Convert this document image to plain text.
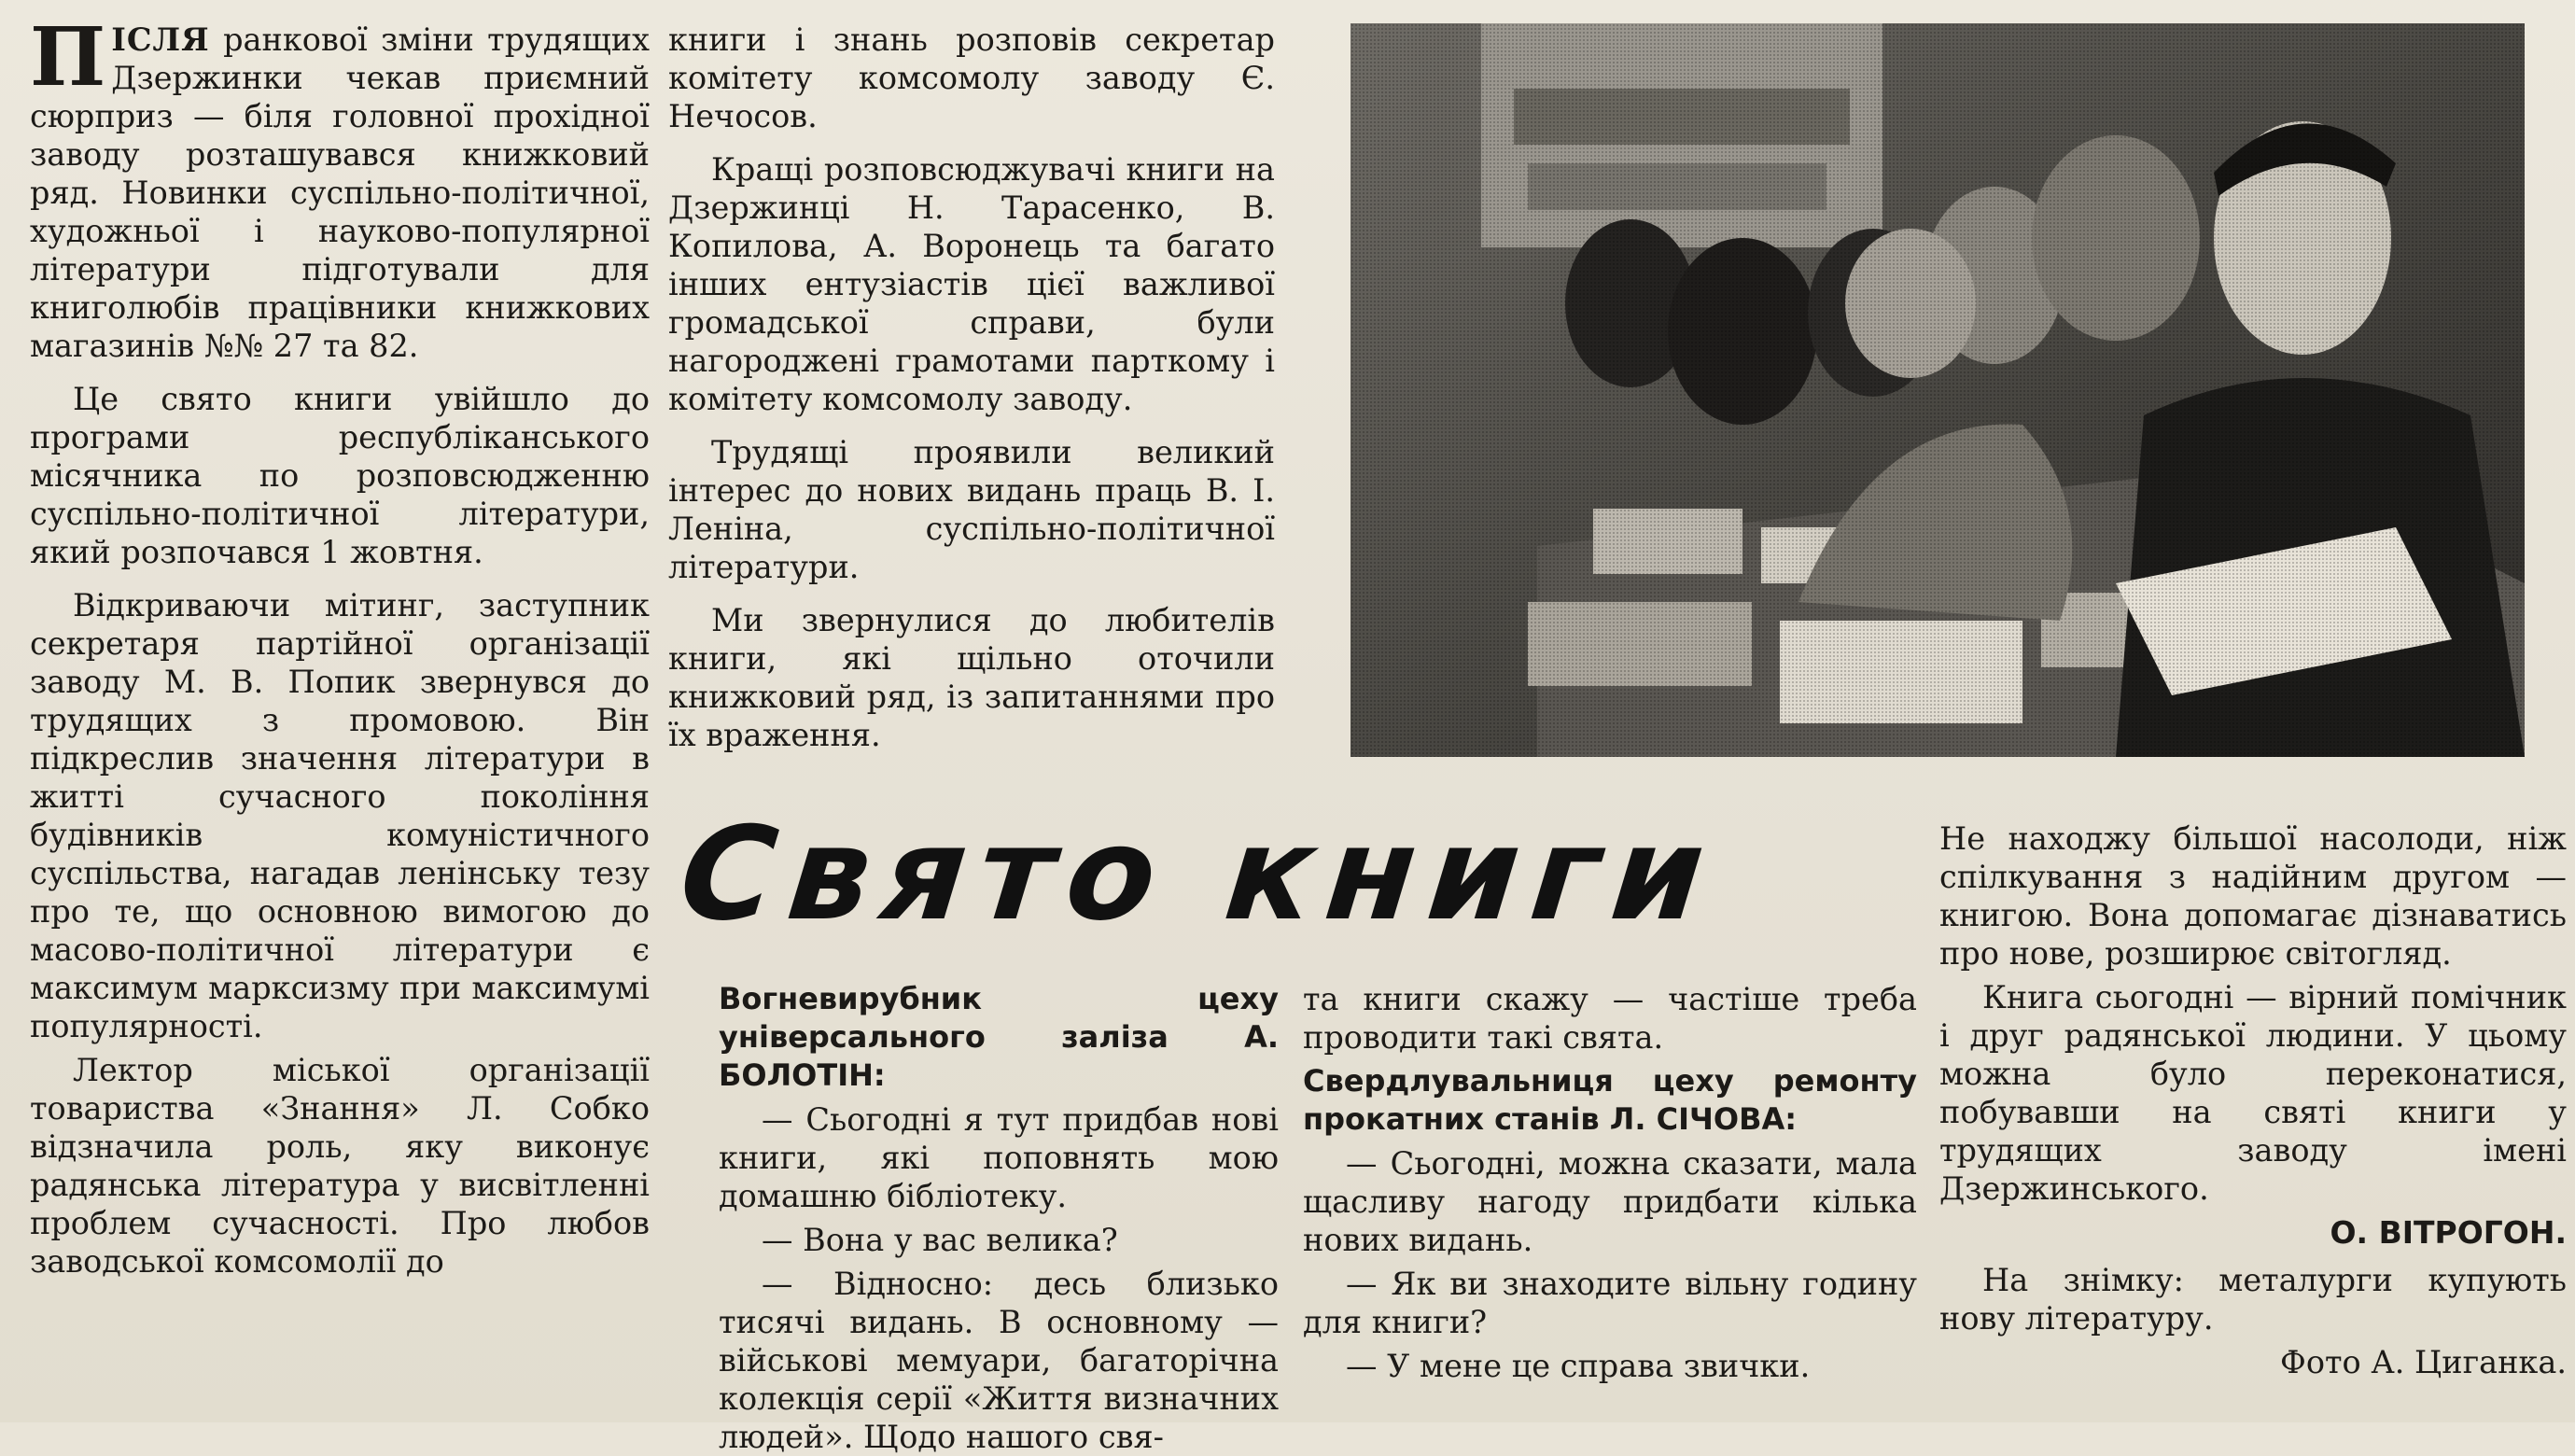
ПІСЛЯ ранкової зміни трудящих Дзержинки чекав приємний сюрприз — біля головної прохідної заводу розташувався книжковий ряд. Новинки суспільно-політичної, художньої і науково-популярної літератури підготували для книголюбів працівники книжкових магазинів №№ 27 та 82.

Це свято книги увійшло до програми республіканського місячника по розповсюдженню суспільно-політичної літератури, який розпочався 1 жовтня.

Відкриваючи мітинг, заступник секретаря партійної організації заводу М. В. Попик звернувся до трудящих з промовою. Він підкреслив значення літератури в житті сучасного покоління будівників комуністичного суспільства, нагадав ленінську тезу про те, що основною вимогою до масово-політичної літератури є максимум марксизму при максимумі популярності.

Лектор міської організації товариства «Знання» Л. Собко відзначила роль, яку виконує радянська література у висвітленні проблем сучасності. Про любов заводської комсомолії до

книги і знань розповів секретар комітету комсомолу заводу Є. Нечосов.

Кращі розповсюджувачі книги на Дзержинці Н. Тарасенко, В. Копилова, А. Воронець та багато інших ентузіастів цієї важливої громадської справи, були нагороджені грамотами парткому і комітету комсомолу заводу.

Трудящі проявили великий інтерес до нових видань праць В. І. Леніна, суспільно-політичної літератури.

Ми звернулися до любителів книги, які щільно оточили книжковий ряд, із запитаннями про їх враження.

Свято книги

Вогневирубник цеху універсального заліза А. БОЛОТІН:

— Сьогодні я тут придбав нові книги, які поповнять мою домашню бібліотеку.

— Вона у вас велика?

— Відносно: десь близько тисячі видань. В основному — військові мемуари, багаторічна колекція серії «Життя визначних людей». Щодо нашого свя-

та книги скажу — частіше треба проводити такі свята.

Свердлувальниця цеху ремонту прокатних станів Л. СІЧОВА:

— Сьогодні, можна сказати, мала щасливу нагоду придбати кілька нових видань.

— Як ви знаходите вільну годину для книги?

— У мене це справа звички.

Не находжу більшої насолоди, ніж спілкування з надійним другом — книгою. Вона допомагає дізнаватись про нове, розширює світогляд.

Книга сьогодні — вірний помічник і друг радянської людини. У цьому можна було переконатися, побувавши на святі книги у трудящих заводу імені Дзержинського.

О. ВІТРОГОН.

На знімку: металурги купують нову літературу.

Фото А. Циганка.
